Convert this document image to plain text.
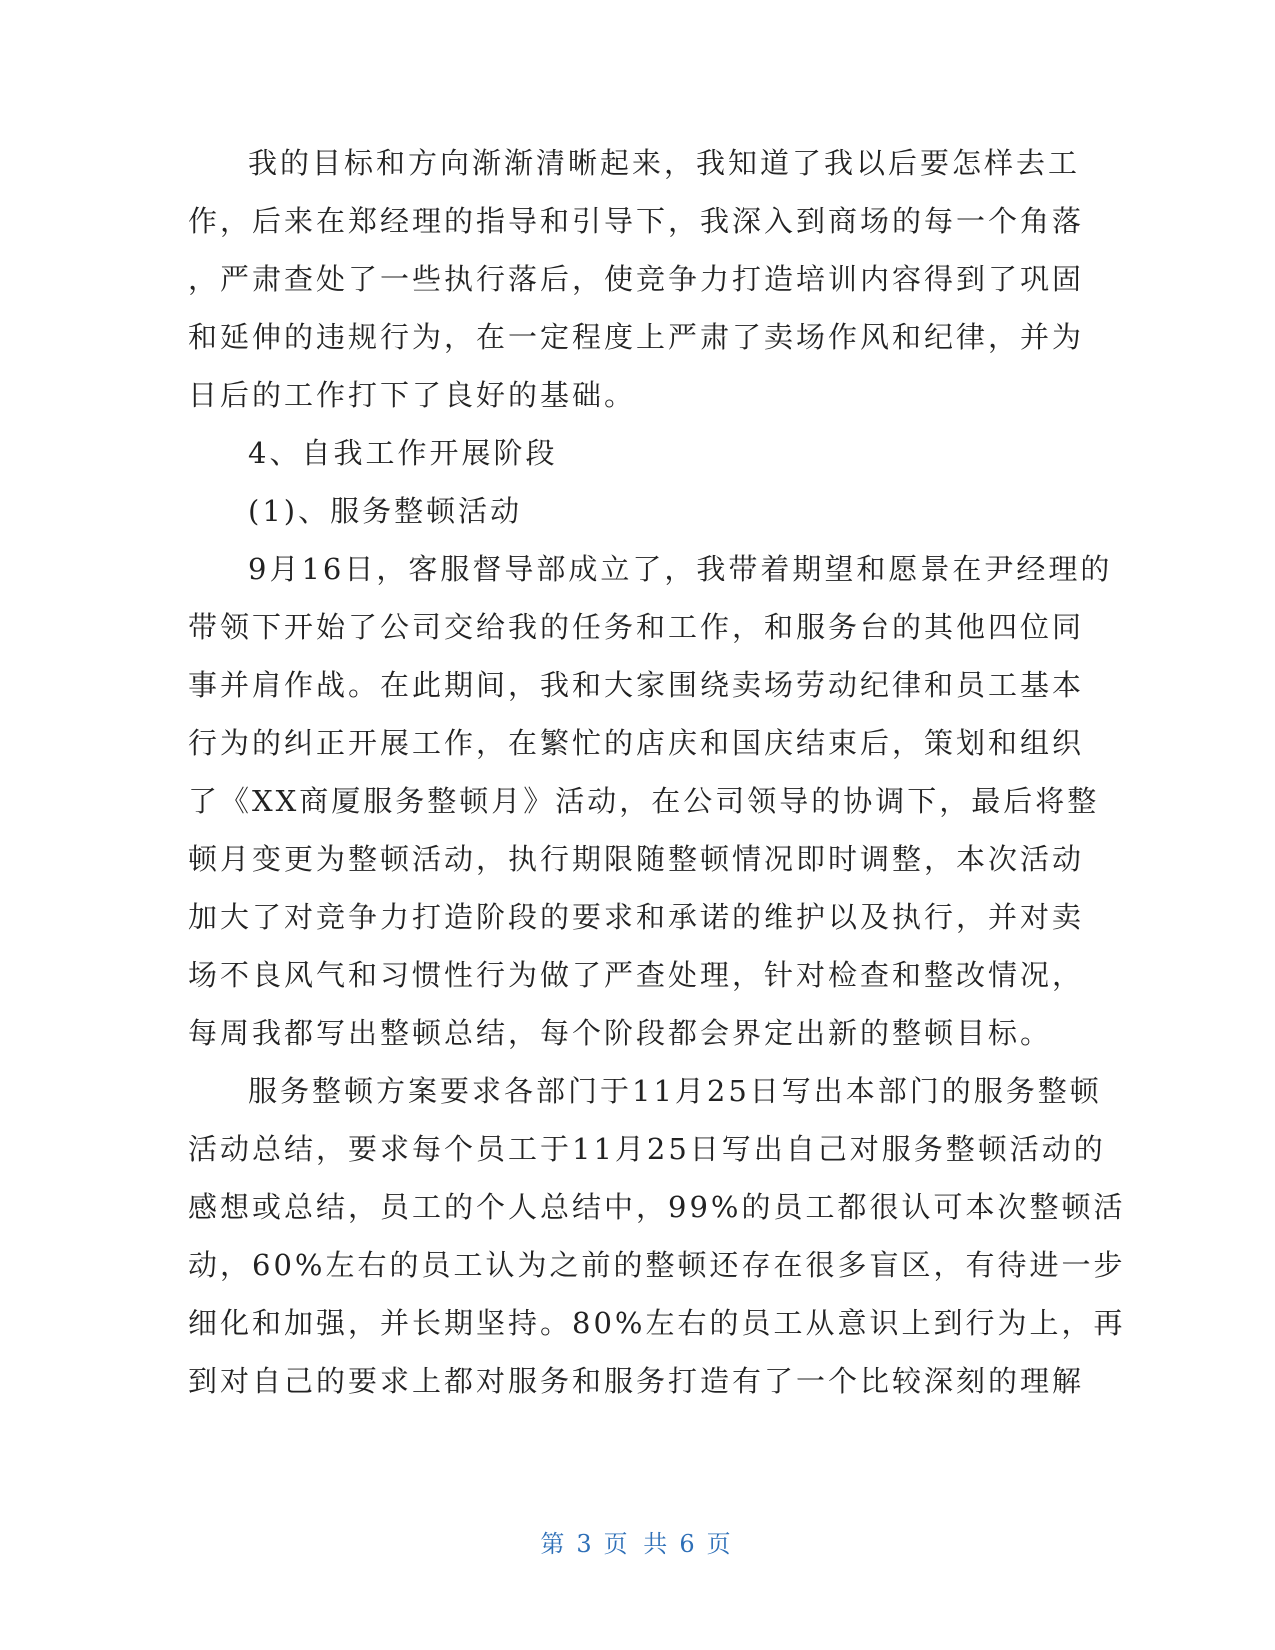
我的目标和方向渐渐清晰起来，我知道了我以后要怎样去工
作，后来在郑经理的指导和引导下，我深入到商场的每一个角落
，严肃查处了一些执行落后，使竞争力打造培训内容得到了巩固
和延伸的违规行为，在一定程度上严肃了卖场作风和纪律，并为
日后的工作打下了良好的基础。
4、自我工作开展阶段
(1)、服务整顿活动
9月16日，客服督导部成立了，我带着期望和愿景在尹经理的
带领下开始了公司交给我的任务和工作，和服务台的其他四位同
事并肩作战。在此期间，我和大家围绕卖场劳动纪律和员工基本
行为的纠正开展工作，在繁忙的店庆和国庆结束后，策划和组织
了《XX商厦服务整顿月》活动，在公司领导的协调下，最后将整
顿月变更为整顿活动，执行期限随整顿情况即时调整，本次活动
加大了对竞争力打造阶段的要求和承诺的维护以及执行，并对卖
场不良风气和习惯性行为做了严查处理，针对检查和整改情况，
每周我都写出整顿总结，每个阶段都会界定出新的整顿目标。
服务整顿方案要求各部门于11月25日写出本部门的服务整顿
活动总结，要求每个员工于11月25日写出自己对服务整顿活动的
感想或总结，员工的个人总结中，99%的员工都很认可本次整顿活
动，60%左右的员工认为之前的整顿还存在很多盲区，有待进一步
细化和加强，并长期坚持。80%左右的员工从意识上到行为上，再
到对自己的要求上都对服务和服务打造有了一个比较深刻的理解
第 3 页 共 6 页
